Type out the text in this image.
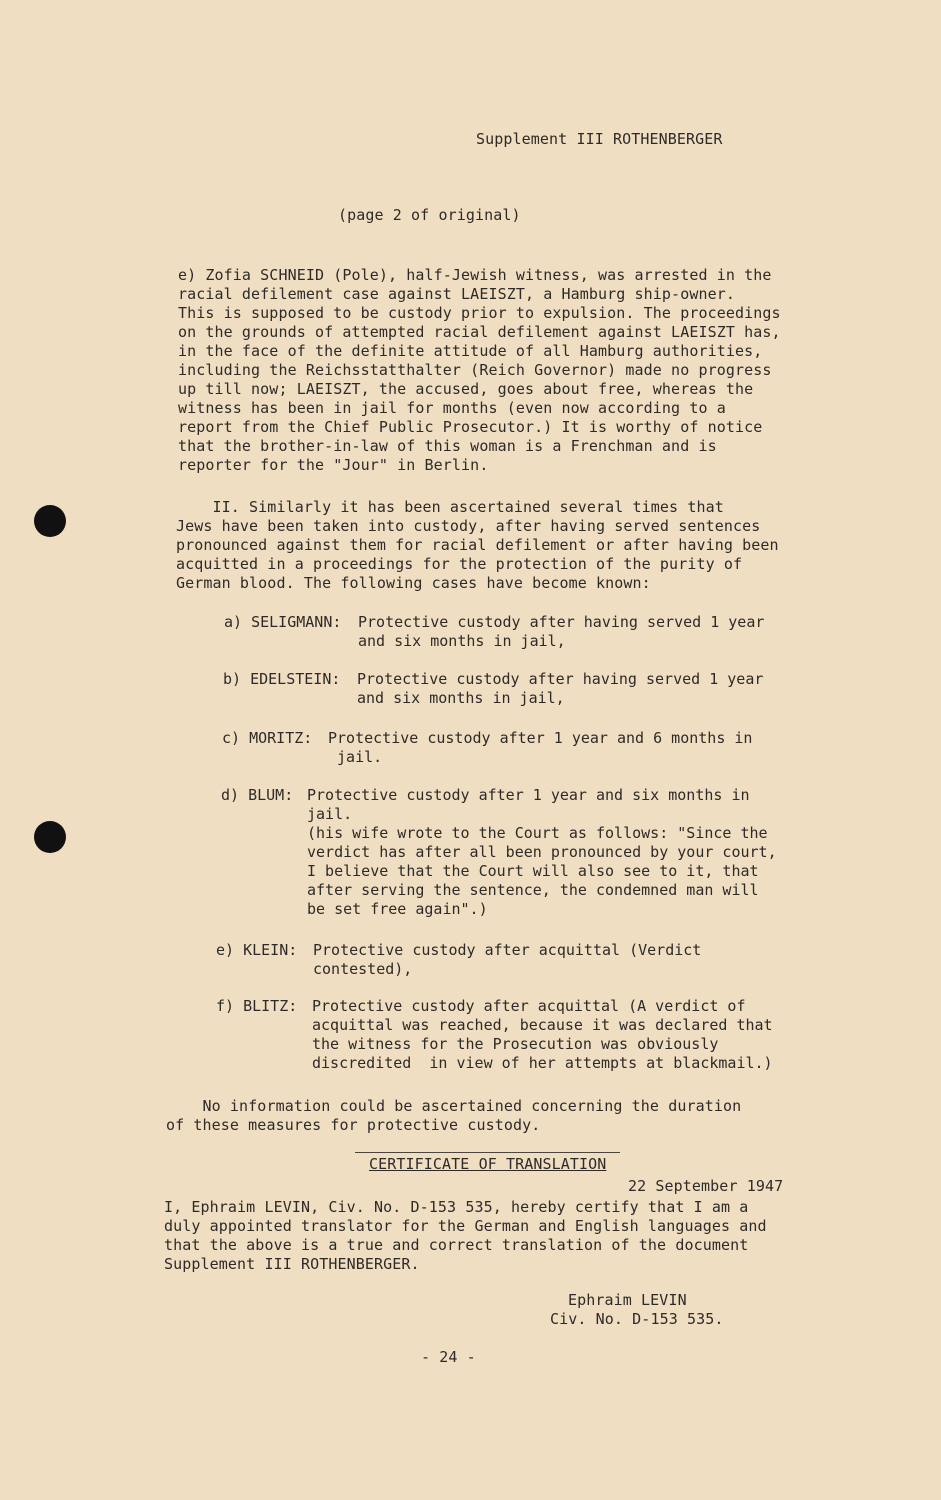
Supplement III ROTHENBERGER
(page 2 of original)
e) Zofia SCHNEID (Pole), half-Jewish witness, was arrested in the
racial defilement case against LAEISZT, a Hamburg ship-owner.
This is supposed to be custody prior to expulsion. The proceedings
on the grounds of attempted racial defilement against LAEISZT has,
in the face of the definite attitude of all Hamburg authorities,
including the Reichsstatthalter (Reich Governor) made no progress
up till now; LAEISZT, the accused, goes about free, whereas the
witness has been in jail for months (even now according to a
report from the Chief Public Prosecutor.) It is worthy of notice
that the brother-in-law of this woman is a Frenchman and is
reporter for the "Jour" in Berlin.
II. Similarly it has been ascertained several times that
Jews have been taken into custody, after having served sentences
pronounced against them for racial defilement or after having been
acquitted in a proceedings for the protection of the purity of
German blood. The following cases have become known:
a) SELIGMANN: Protective custody after having served 1 year
and six months in jail,
b) EDELSTEIN: Protective custody after having served 1 year
and six months in jail,
c) MORITZ: Protective custody after 1 year and 6 months in
jail.
d) BLUM: Protective custody after 1 year and six months in
jail.
(his wife wrote to the Court as follows: "Since the
verdict has after all been pronounced by your court,
I believe that the Court will also see to it, that
after serving the sentence, the condemned man will
be set free again".)
e) KLEIN: Protective custody after acquittal (Verdict
contested),
f) BLITZ: Protective custody after acquittal (A verdict of
acquittal was reached, because it was declared that
the witness for the Prosecution was obviously
discredited  in view of her attempts at blackmail.)
No information could be ascertained concerning the duration
of these measures for protective custody.
CERTIFICATE OF TRANSLATION
22 September 1947
I, Ephraim LEVIN, Civ. No. D-153 535, hereby certify that I am a
duly appointed translator for the German and English languages and
that the above is a true and correct translation of the document
Supplement III ROTHENBERGER.
Ephraim LEVIN
Civ. No. D-153 535.
- 24 -
